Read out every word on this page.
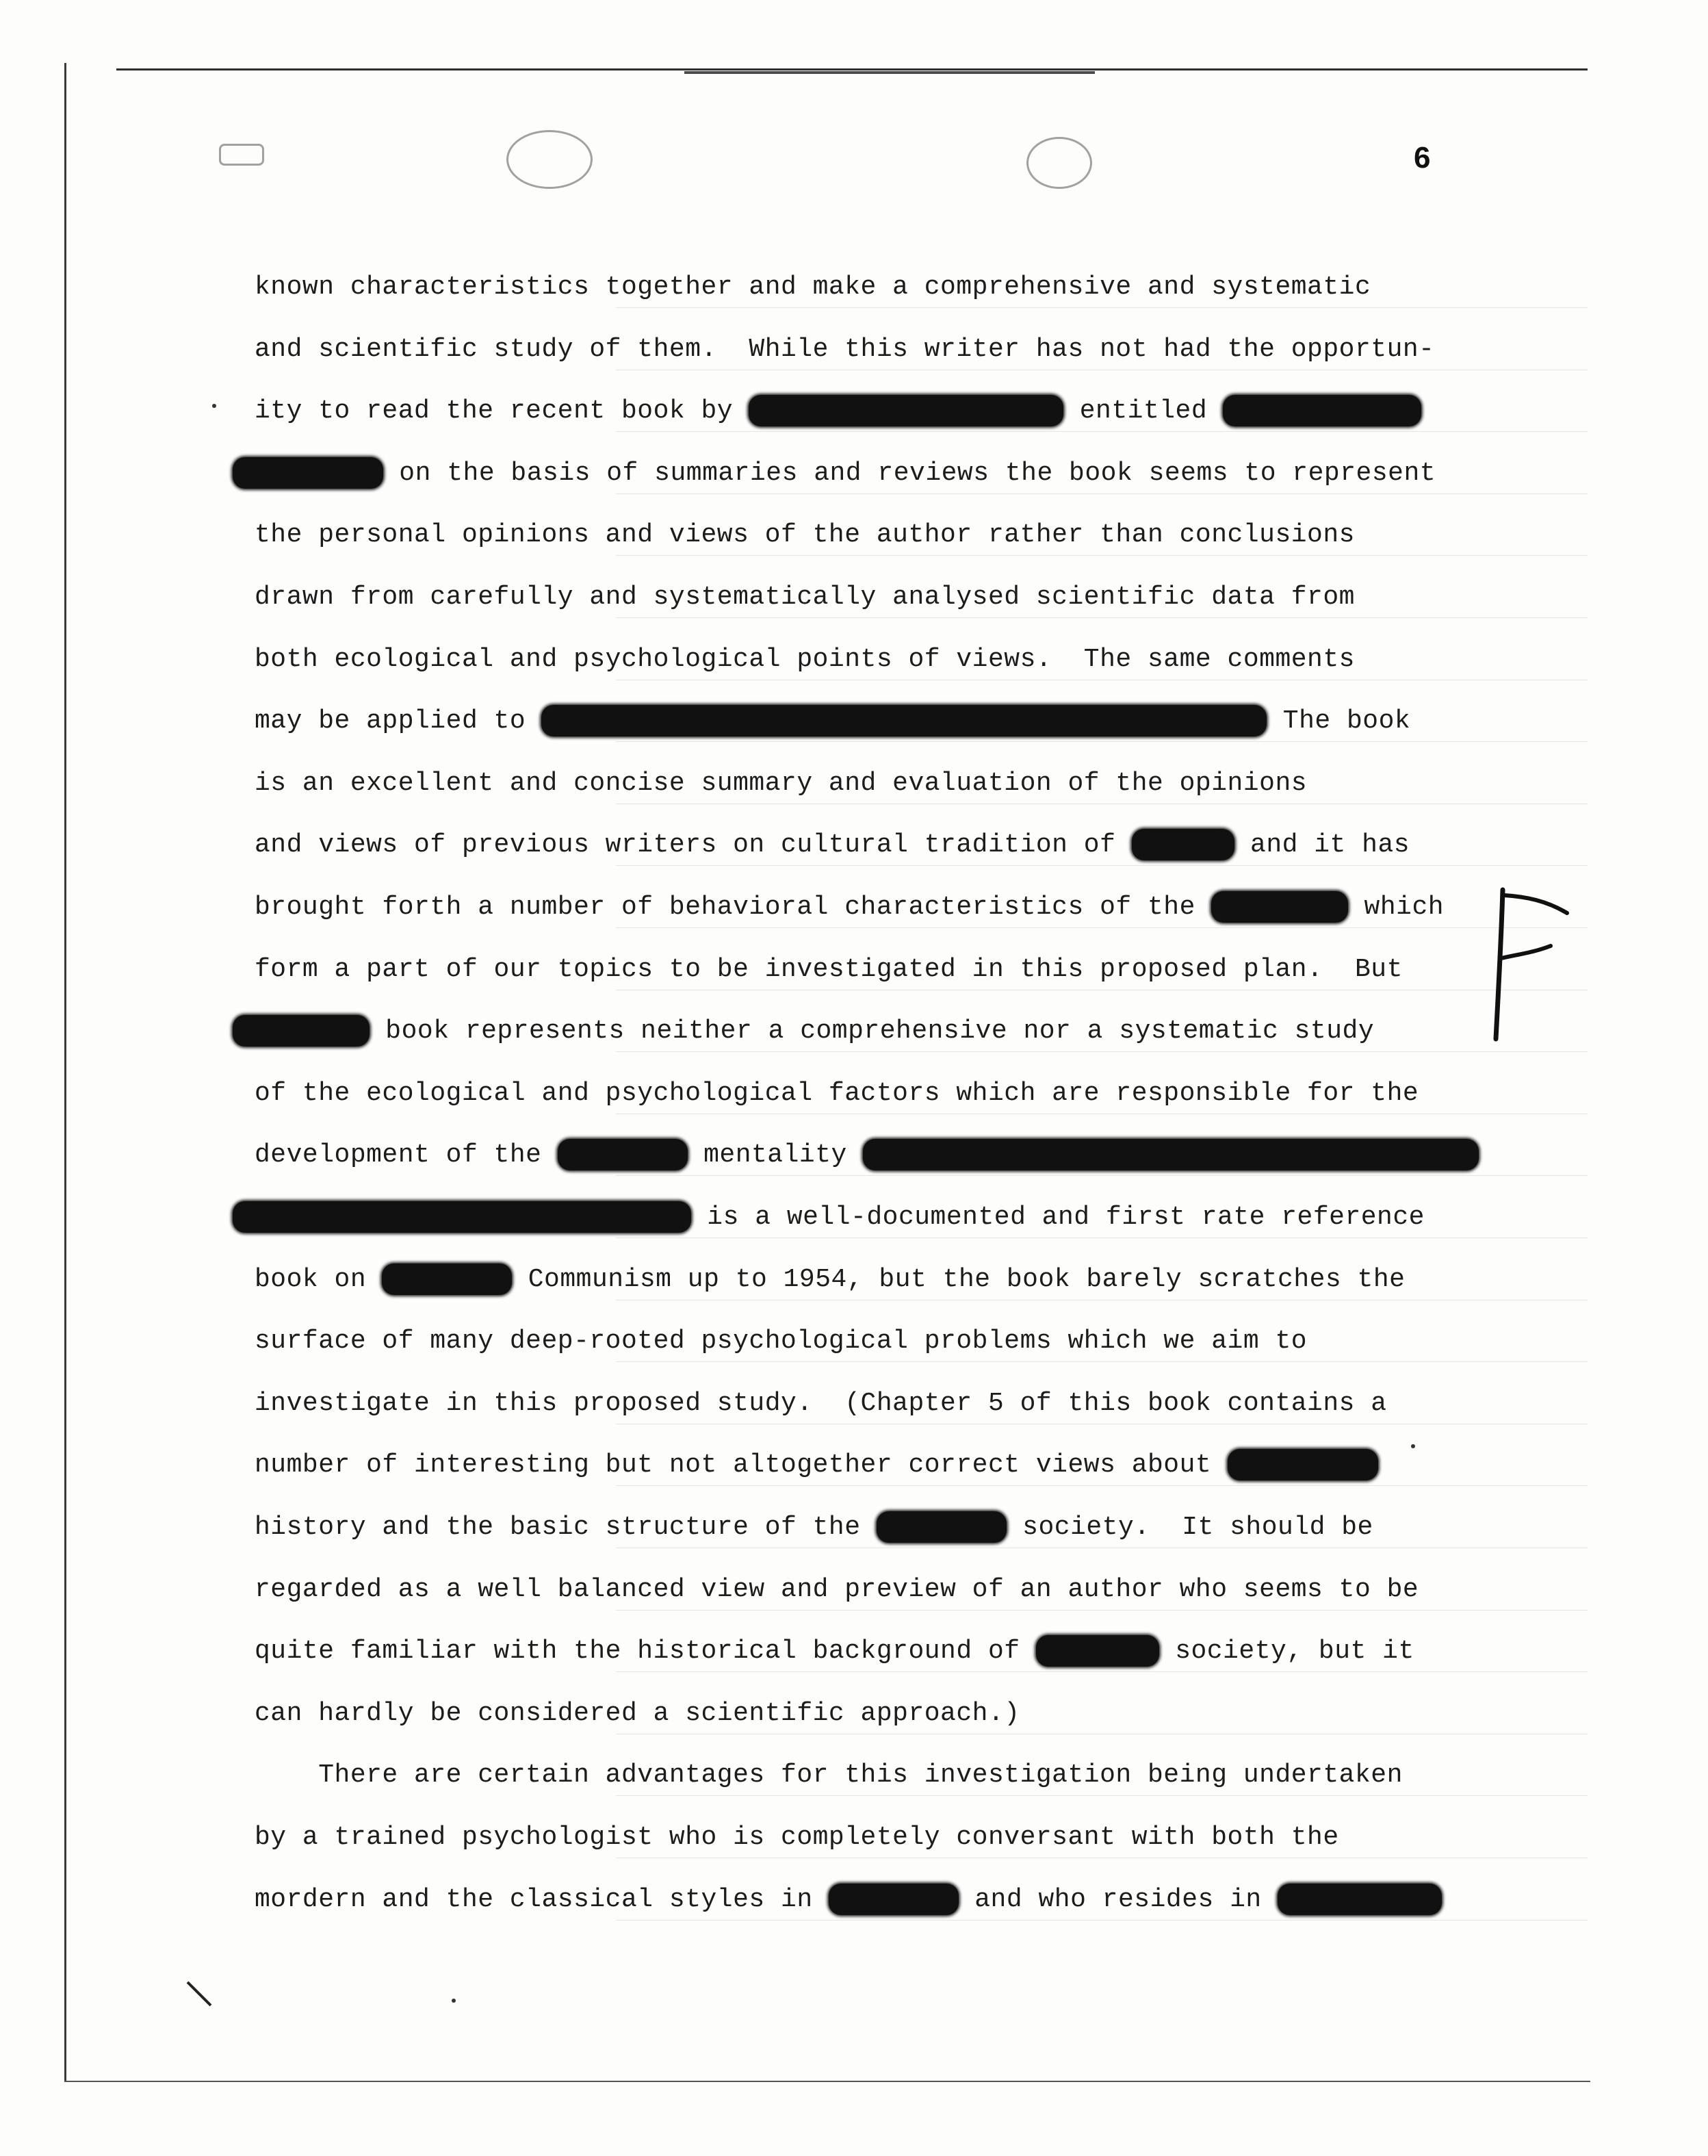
6
known characteristics together and make a comprehensive and systematic
and scientific study of them.  While this writer has not had the opportun-
ity to read the recent book by	entitled
on the basis of summaries and reviews the book seems to represent
the personal opinions and views of the author rather than conclusions
drawn from carefully and systematically analysed scientific data from
both ecological and psychological points of views.  The same comments
may be applied to	The book
is an excellent and concise summary and evaluation of the opinions
and views of previous writers on cultural tradition of	and it has
brought forth a number of behavioral characteristics of the	which
form a part of our topics to be investigated in this proposed plan.  But
book represents neither a comprehensive nor a systematic study
of the ecological and psychological factors which are responsible for the
development of the	mentality
is a well-documented and first rate reference
book on	Communism up to 1954, but the book barely scratches the
surface of many deep-rooted psychological problems which we aim to
investigate in this proposed study.  (Chapter 5 of this book contains a
number of interesting but not altogether correct views about
history and the basic structure of the	society.  It should be
regarded as a well balanced view and preview of an author who seems to be
quite familiar with the historical background of	society, but it
can hardly be considered a scientific approach.)
There are certain advantages for this investigation being undertaken
by a trained psychologist who is completely conversant with both the
mordern and the classical styles in	and who resides in
